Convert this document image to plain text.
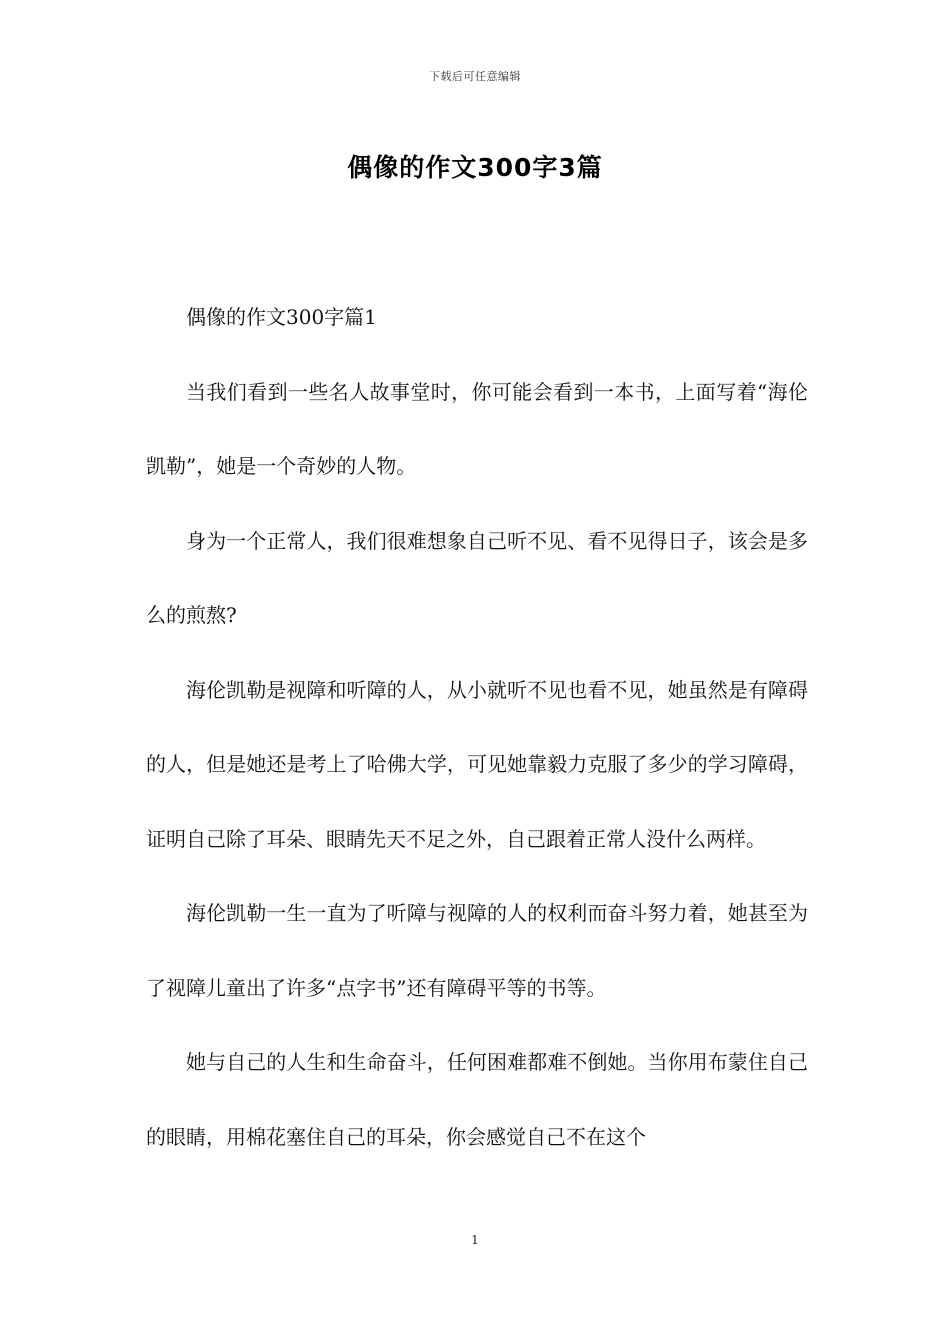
下载后可任意编辑
偶像的作文300字3篇

偶像的作文300字篇1

当我们看到一些名人故事堂时，你可能会看到一本书，上面写着“海伦凯勒”，她是一个奇妙的人物。

身为一个正常人，我们很难想象自己听不见、看不见得日子，该会是多么的煎熬?

海伦凯勒是视障和听障的人，从小就听不见也看不见，她虽然是有障碍的人，但是她还是考上了哈佛大学，可见她靠毅力克服了多少的学习障碍，证明自己除了耳朵、眼睛先天不足之外，自己跟着正常人没什么两样。

海伦凯勒一生一直为了听障与视障的人的权利而奋斗努力着，她甚至为了视障儿童出了许多“点字书”还有障碍平等的书等。

她与自己的人生和生命奋斗，任何困难都难不倒她。当你用布蒙住自己的眼睛，用棉花塞住自己的耳朵，你会感觉自己不在这个

1
